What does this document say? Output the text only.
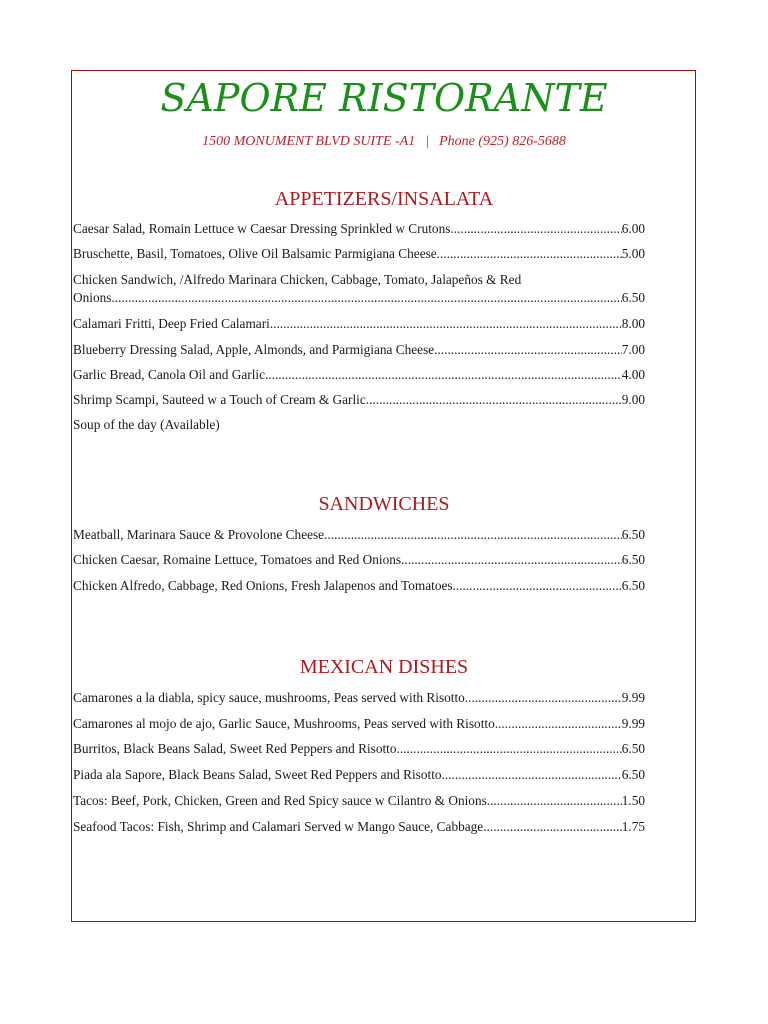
SAPORE RISTORANTE
1500 MONUMENT BLVD SUITE -A1 | Phone (925) 826-5688
APPETIZERS/INSALATA
Caesar Salad, Romain Lettuce w Caesar Dressing Sprinkled w Crutons .....	6.00
Bruschette, Basil, Tomatoes, Olive Oil Balsamic Parmigiana Cheese .....	5.00
Chicken Sandwich, /Alfredo Marinara Chicken, Cabbage, Tomato, Jalapeños & Red
Onions .....	6.50
Calamari Fritti, Deep Fried Calamari .....	8.00
Blueberry Dressing Salad, Apple, Almonds, and Parmigiana Cheese .....	7.00
Garlic Bread, Canola Oil and Garlic .....	4.00
Shrimp Scampi, Sauteed w a Touch of Cream & Garlic .....	9.00
Soup of the day (Available)
SANDWICHES
Meatball, Marinara Sauce & Provolone Cheese .....	6.50
Chicken Caesar, Romaine Lettuce, Tomatoes and Red Onions .....	6.50
Chicken Alfredo, Cabbage, Red Onions, Fresh Jalapenos and Tomatoes .....	6.50
MEXICAN DISHES
Camarones a la diabla, spicy sauce, mushrooms, Peas served with Risotto .....	9.99
Camarones al mojo de ajo, Garlic Sauce, Mushrooms, Peas served with Risotto .....	9.99
Burritos, Black Beans Salad, Sweet Red Peppers and Risotto .....	6.50
Piada ala Sapore, Black Beans Salad, Sweet Red Peppers and Risotto .....	6.50
Tacos: Beef, Pork, Chicken, Green and Red Spicy sauce w Cilantro & Onions .....	1.50
Seafood Tacos: Fish, Shrimp and Calamari Served w Mango Sauce, Cabbage .....	1.75
